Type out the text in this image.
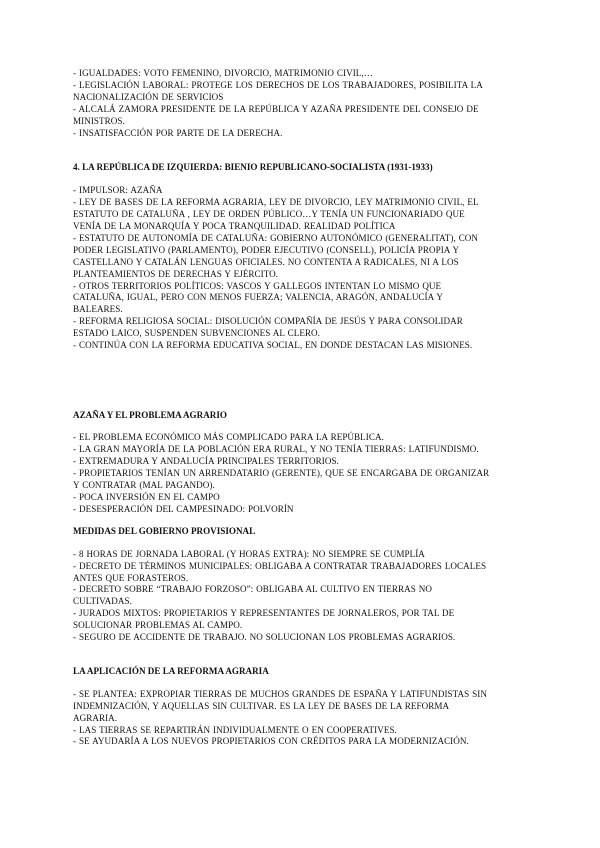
- IGUALDADES: VOTO FEMENINO, DIVORCIO, MATRIMONIO CIVIL,…
- LEGISLACIÓN LABORAL: PROTEGE LOS DERECHOS DE LOS TRABAJADORES, POSIBILITA LA
NACIONALIZACIÓN DE SERVICIOS
- ALCALÁ ZAMORA PRESIDENTE DE LA REPÚBLICA Y AZAÑA PRESIDENTE DEL CONSEJO DE
MINISTROS.
- INSATISFACCIÓN POR PARTE DE LA DERECHA.

4. LA REPÚBLICA DE IZQUIERDA: BIENIO REPUBLICANO-SOCIALISTA (1931-1933)
- IMPULSOR: AZAÑA
- LEY DE BASES DE LA REFORMA AGRARIA, LEY DE DIVORCIO, LEY MATRIMONIO CIVIL, EL
ESTATUTO DE CATALUÑA , LEY DE ORDEN PÚBLICO…Y TENÍA UN FUNCIONARIADO QUE
VENÍA DE LA MONARQUÍA Y POCA TRANQUILIDAD. REALIDAD POLÍTICA
- ESTATUTO DE AUTONOMÍA DE CATALUÑA: GOBIERNO AUTONÓMICO (GENERALITAT), CON
PODER LEGISLATIVO (PARLAMENTO), PODER EJECUTIVO (CONSELL), POLICÍA PROPIA Y
CASTELLANO Y CATALÁN LENGUAS OFICIALES. NO CONTENTA A RADICALES, NI A LOS
PLANTEAMIENTOS DE DERECHAS Y EJÉRCITO.
- OTROS TERRITORIOS POLÍTICOS: VASCOS Y GALLEGOS INTENTAN LO MISMO QUE
CATALUÑA, IGUAL, PERO CON MENOS FUERZA; VALENCIA, ARAGÓN, ANDALUCÍA Y
BALEARES.
- REFORMA RELIGIOSA SOCIAL: DISOLUCIÓN COMPAÑÍA DE JESÚS Y PARA CONSOLIDAR
ESTADO LAICO, SUSPENDEN SUBVENCIONES AL CLERO.
- CONTINÚA CON LA REFORMA EDUCATIVA SOCIAL, EN DONDE DESTACAN LAS MISIONES.

AZAÑA Y EL PROBLEMA AGRARIO
- EL PROBLEMA ECONÓMICO MÁS COMPLICADO PARA LA REPÚBLICA.
- LA GRAN MAYORÍA DE LA POBLACIÓN ERA RURAL, Y NO TENÍA TIERRAS: LATIFUNDISMO.
- EXTREMADURA Y ANDALUCÍA PRINCIPALES TERRITORIOS.
- PROPIETARIOS TENÍAN UN ARRENDATARIO (GERENTE), QUE SE ENCARGABA DE ORGANIZAR
Y CONTRATAR (MAL PAGANDO).
- POCA INVERSIÓN EN EL CAMPO
- DESESPERACIÓN DEL CAMPESINADO: POLVORÍN
MEDIDAS DEL GOBIERNO PROVISIONAL
- 8 HORAS DE JORNADA LABORAL (Y HORAS EXTRA): NO SIEMPRE SE CUMPLÍA
- DECRETO DE TÉRMINOS MUNICIPALES: OBLIGABA A CONTRATAR TRABAJADORES LOCALES
ANTES QUE FORASTEROS.
- DECRETO SOBRE “TRABAJO FORZOSO”: OBLIGABA AL CULTIVO EN TIERRAS NO
CULTIVADAS.
- JURADOS MIXTOS: PROPIETARIOS Y REPRESENTANTES DE JORNALEROS, POR TAL DE
SOLUCIONAR PROBLEMAS AL CAMPO.
- SEGURO DE ACCIDENTE DE TRABAJO. NO SOLUCIONAN LOS PROBLEMAS AGRARIOS.

LA APLICACIÓN DE LA REFORMA AGRARIA
- SE PLANTEA: EXPROPIAR TIERRAS DE MUCHOS GRANDES DE ESPAÑA Y LATIFUNDISTAS SIN
INDEMNIZACIÓN, Y AQUELLAS SIN CULTIVAR. ES LA LEY DE BASES DE LA REFORMA
AGRARIA.
- LAS TIERRAS SE REPARTIRÁN INDIVIDUALMENTE O EN COOPERATIVES.
- SE AYUDARÍA A LOS NUEVOS PROPIETARIOS CON CRÉDITOS PARA LA MODERNIZACIÓN.
